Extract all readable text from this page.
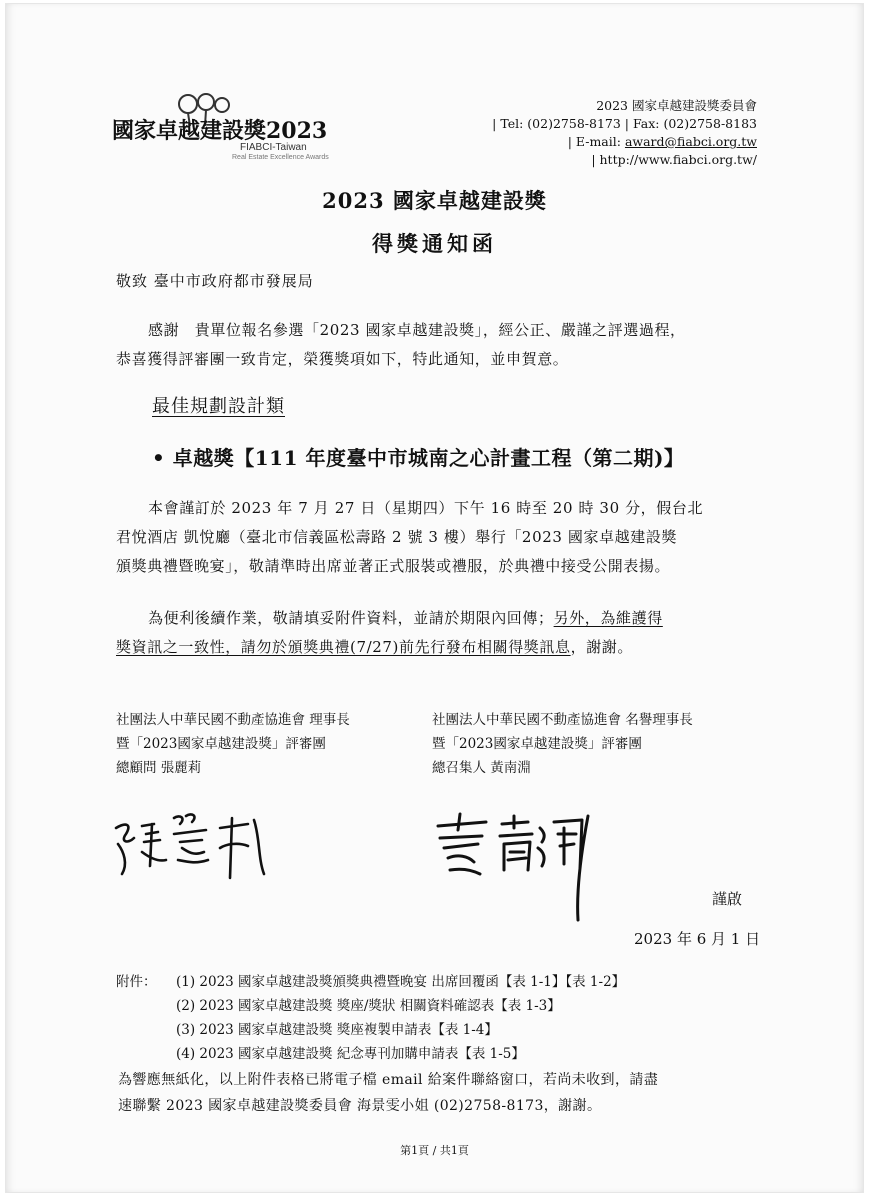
國家卓越建設獎2023
FIABCI-Taiwan
Real Estate Excellence Awards
2023 國家卓越建設獎委員會
| Tel: (02)2758-8173 | Fax: (02)2758-8183
| E-mail: award@fiabci.org.tw
| http://www.fiabci.org.tw/
2023 國家卓越建設獎
得獎通知函
敬致 臺中市政府都市發展局
感謝　貴單位報名參選「2023 國家卓越建設獎」，經公正、嚴謹之評選過程，
恭喜獲得評審團一致肯定，榮獲獎項如下，特此通知，並申賀意。
最佳規劃設計類
• 卓越獎【111 年度臺中市城南之心計畫工程（第二期)】
本會謹訂於 2023 年 7 月 27 日（星期四）下午 16 時至 20 時 30 分，假台北
君悅酒店 凱悅廳（臺北市信義區松壽路 2 號 3 樓）舉行「2023 國家卓越建設獎
頒獎典禮暨晚宴」，敬請準時出席並著正式服裝或禮服，於典禮中接受公開表揚。
為便利後續作業，敬請填妥附件資料，並請於期限內回傳；另外，為維護得
獎資訊之一致性，請勿於頒獎典禮(7/27)前先行發布相關得獎訊息，謝謝。
社團法人中華民國不動產協進會 理事長
暨「2023國家卓越建設獎」評審團
總顧問 張麗莉
社團法人中華民國不動產協進會 名譽理事長
暨「2023國家卓越建設獎」評審團
總召集人 黃南淵
謹啟
2023 年 6 月 1 日
附件： (1) 2023 國家卓越建設獎頒獎典禮暨晚宴 出席回覆函【表 1-1】【表 1-2】
(2) 2023 國家卓越建設獎 獎座/獎狀 相關資料確認表【表 1-3】
(3) 2023 國家卓越建設獎 獎座複製申請表【表 1-4】
(4) 2023 國家卓越建設獎 紀念專刊加購申請表【表 1-5】
為響應無紙化，以上附件表格已將電子檔 email 給案件聯絡窗口，若尚未收到，請盡
速聯繫 2023 國家卓越建設獎委員會 海景雯小姐 (02)2758-8173，謝謝。
第1頁 / 共1頁
